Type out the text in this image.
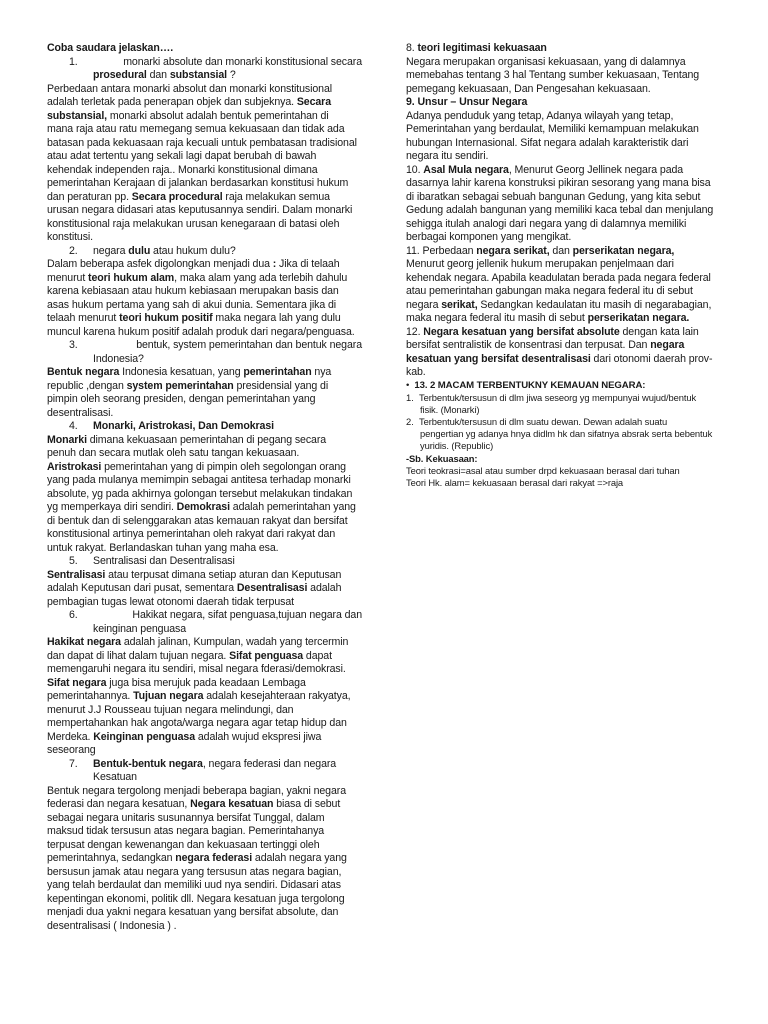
Coba saudara jelaskan….
1.	monarki absolute dan monarki konstitusional secara
prosedural dan substansial ?
Perbedaan antara monarki absolut dan monarki konstitusional
adalah terletak pada penerapan objek dan subjeknya. Secara
substansial, monarki absolut adalah bentuk pemerintahan di
mana raja atau ratu memegang semua kekuasaan dan tidak ada
batasan pada kekuasaan raja kecuali untuk pembatasan tradisional
atau adat tertentu yang sekali lagi dapat berubah di bawah
kehendak independen raja.. Monarki konstitusional dimana
pemerintahan Kerajaan di jalankan berdasarkan konstitusi hukum
dan peraturan pp. Secara procedural raja melakukan semua
urusan negara didasari atas keputusannya sendiri. Dalam monarki
konstitusional raja melakukan urusan kenegaraan di batasi oleh
konstitusi.
2. negara dulu atau hukum dulu?
Dalam beberapa asfek digolongkan menjadi dua : Jika di telaah
menurut teori hukum alam, maka alam yang ada terlebih dahulu
karena kebiasaan atau hukum kebiasaan merupakan basis dan
asas hukum pertama yang sah di akui dunia. Sementara jika di
telaah menurut teori hukum positif maka negara lah yang dulu
muncul karena hukum positif adalah produk dari negara/penguasa.
3.	bentuk, system pemerintahan dan bentuk negara
Indonesia?
Bentuk negara Indonesia kesatuan, yang pemerintahan nya
republic ,dengan system pemerintahan presidensial yang di
pimpin oleh seorang presiden, dengan pemerintahan yang
desentralisasi.
4. Monarki, Aristrokasi, Dan Demokrasi
Monarki dimana kekuasaan pemerintahan di pegang secara
penuh dan secara mutlak oleh satu tangan kekuasaan.
Aristrokasi pemerintahan yang di pimpin oleh segolongan orang
yang pada mulanya memimpin sebagai antitesa terhadap monarki
absolute, yg pada akhirnya golongan tersebut melakukan tindakan
yg memperkaya diri sendiri. Demokrasi adalah pemerintahan yang
di bentuk dan di selenggarakan atas kemauan rakyat dan bersifat
konstitusional artinya pemerintahan oleh rakyat dari rakyat dan
untuk rakyat. Berlandaskan tuhan yang maha esa.
5. Sentralisasi dan Desentralisasi
Sentralisasi atau terpusat dimana setiap aturan dan Keputusan
adalah Keputusan dari pusat, sementara Desentralisasi adalah
pembagian tugas lewat otonomi daerah tidak terpusat
6.	Hakikat negara, sifat penguasa,tujuan negara dan
keinginan penguasa
Hakikat negara adalah jalinan, Kumpulan, wadah yang tercermin
dan dapat di lihat dalam tujuan negara. Sifat penguasa dapat
memengaruhi negara itu sendiri, misal negara fderasi/demokrasi.
Sifat negara juga bisa merujuk pada keadaan Lembaga
pemerintahannya. Tujuan negara adalah kesejahteraan rakyatya,
menurut J.J Rousseau tujuan negara melindungi, dan
mempertahankan hak angota/warga negara agar tetap hidup dan
Merdeka. Keinginan penguasa adalah wujud ekspresi jiwa
seseorang
7. Bentuk-bentuk negara, negara federasi dan negara
Kesatuan
Bentuk negara tergolong menjadi beberapa bagian, yakni negara
federasi dan negara kesatuan, Negara kesatuan biasa di sebut
sebagai negara unitaris susunannya bersifat Tunggal, dalam
maksud tidak tersusun atas negara bagian. Pemerintahanya
terpusat dengan kewenangan dan kekuasaan tertinggi oleh
pemerintahnya, sedangkan negara federasi adalah negara yang
bersusun jamak atau negara yang tersusun atas negara bagian,
yang telah berdaulat dan memiliki uud nya sendiri. Didasari atas
kepentingan ekonomi, politik dll. Negara kesatuan juga tergolong
menjadi dua yakni negara kesatuan yang bersifat absolute, dan
desentralisasi ( Indonesia ) .
8. teori legitimasi kekuasaan
Negara merupakan organisasi kekuasaan, yang di dalamnya
memebahas tentang 3 hal Tentang sumber kekuasaan, Tentang
pemegang kekuasaan, Dan Pengesahan kekuasaan.
9. Unsur – Unsur Negara
Adanya penduduk yang tetap, Adanya wilayah yang tetap,
Pemerintahan yang berdaulat, Memiliki kemampuan melakukan
hubungan Internasional. Sifat negara adalah karakteristik dari
negara itu sendiri.
10. Asal Mula negara, Menurut Georg Jellinek negara pada
dasarnya lahir karena konstruksi pikiran sesorang yang mana bisa
di ibaratkan sebagai sebuah bangunan Gedung, yang kita sebut
Gedung adalah bangunan yang memiliki kaca tebal dan menjulang
sehigga itulah analogi dari negara yang di dalamnya memiliki
berbagai komponen yang mengikat.
11. Perbedaan negara serikat, dan perserikatan negara,
Menurut georg jellenik hukum merupakan penjelmaan dari
kehendak negara. Apabila keadulatan berada pada negara federal
atau pemerintahan gabungan maka negara federal itu di sebut
negara serikat, Sedangkan kedaulatan itu masih di negarabagian,
maka negara federal itu masih di sebut perserikatan negara.
12. Negara kesatuan yang bersifat absolute dengan kata lain
bersifat sentralistik de konsentrasi dan terpusat. Dan negara
kesatuan yang bersifat desentralisasi dari otonomi daerah prov-
kab.
•  13. 2 MACAM TERBENTUKNY KEMAUAN NEGARA:
1. Terbentuk/tersusun di dlm jiwa seseorg yg mempunyai wujud/bentuk
fisik. (Monarki)
2. Terbentuk/tersusun di dlm suatu dewan. Dewan adalah suatu
pengertian yg adanya hnya didlm hk dan sifatnya absrak serta bebentuk
yuridis. (Republic)
-Sb. Kekuasaan:
Teori teokrasi=asal atau sumber drpd kekuasaan berasal dari tuhan
Teori Hk. alam= kekuasaan berasal dari rakyat =>raja
